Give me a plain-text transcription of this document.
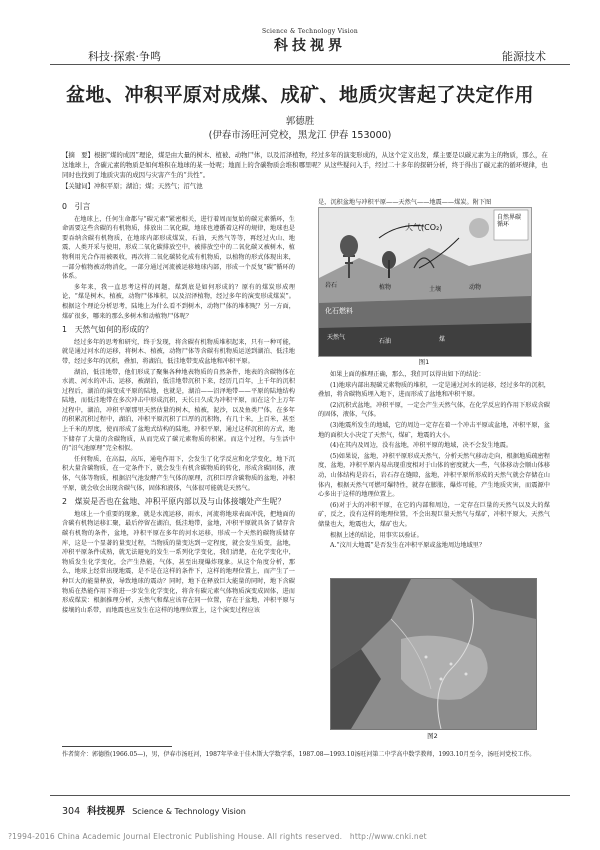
Science & Technology Vision
科技视界
科技·探索·争鸣	能源技术
盆地、冲积平原对成煤、成矿、地质灾害起了决定作用
郭德胜
(伊春市汤旺河党校，黑龙江 伊春 153000)
【摘　要】根据“煤的成因”理论，煤是由大量的树木、植被、动物尸体，以及沼泽植物，经过多年的演变形成的，从这个定义出发，煤主要是以碳元素为主的物质，那么，在这地球上，含碳元素的物质是如何堆积在地球的某一处呢；地面上的含碳物质会堆积哪里呢？从这些疑问入手，经过二十多年的探研分析，终于得出了碳元素的循环规律，也同时也找到了地质灾害的成因与灾害产生的“共性”。
【关键词】冲积平原；湖泊；煤；天然气；沼气池
0　引言

在地球上，任何生命都与“碳元素”紧密相关，进行着周而复始的碳元素循环，生命需要这些含碳的有机物质，排放出二氧化碳，地球也遵循着这样的规律，地球也是要吞纳含碳有机物质，在地球内部形成煤炭，石油，天然气等等，再经过火山、地震、人类开采与使用，形成二氧化碳排放空中，被排放空中的二氧化碳又被树木，植物利用光合作用被吸收，再次将二氧化碳转化成有机物质，以植物的形式体现出来，一部分植物被动物消化，一部分通过河流被运移地球内部，形成一个反复“碳”循环的体系。

多年来，我一直思考这样的问题，煤到底是如何形成的？原有的煤炭形成理论，“煤是树木，植被，动物尸体堆积，以及沼泽植物，经过多年的演变形成煤炭”。根据这个理论分析思考，陆地上为什么看不到树木，动物尸体的堆积呢？另一方面，煤矿很多，哪来的那么多树木和动植物尸体呢？

1　天然气如何的形成的？

经过多年的思考和研究，终于发现，将含碳有机物质堆积起来，只有一种可能，就是通过河水的运移，将树木、植被，动物尸体等含碳有机物质运送到湖泊、低洼地带，经过多年的沉积，叠加，将湖泊，低洼地带变成盆地和冲积平原。

湖泊，低洼地带，他们形成了聚集各种地表物质的自然条件，地表的含碳物体在水流、河水的冲击、运移，被湖泊，低洼地带沉积下来，经历几百年，上千年的沉积过程后，湖泊的演变成平原的陆地，也就是，湖泊——沼泽地带——平原的陆地结构陆地，而低洼地带在多次冲击中形成沉积，天长日久成为冲积平原，而在这个上万年过程中，湖泊，冲积平原那里天然估量的树木，植被，泥沙，以及鱼类尸体，在多年的积累沉积过程中，湖泊，冲积平原沉积了巨厚的沉积物，有几十米，上百米，甚至上千米的厚度，使而形成了盆地式结构的陆地，冲积平原，通过这样沉积的方式，地下储存了大量的含碳物质，从而完成了碳元素物质的积累。而这个过程，与生活中的“沼气池原理”完全相似。

任何物质，在高温，高压，通电作用下，会发生了化学反应和化学变化，地下沉积大量含碳物质，在一定条件下，就会发生有机含碳物质的转化，形成含碳固体，液体，气体等物质，根据沼气池发酵产生气体的原理，沉积巨厚含碳物质的盆地，冲积平原，就会收会出现含碳气体，固体和液体，气体很可能就是天然气。

2　煤炭是否也在盆地、冲积平原内部以及与山体接壤处产生呢？

地球上一个重要的现象，就是水流运移，雨水，河流将地球表面冲洗，把地面的含碳有机物运移汇聚，最后停留在湖泊，低洼地带，盆地，冲积平原就具备了储存含碳有机物的条件，盆地，冲积平原在多年的河水运移，形成一个天然的碳物质储存库，这是一个显著的量变过程，当物质的量变达到一定程度，就会发生质变，盆地，冲积平原条件成熟，就无法避免的发生一系列化学变化，我们清楚，在化学变化中，物质发生化学变化，会产生热能，气体，甚至出现爆炸现象。从这个角度分析，那么，地球上经常出现地震，是不是在这样的条件下，这样的地理位置上，而产生了一种巨大的能量释放，导致地球的震动？同时，地下在释放巨大能量的同时，地下含碳物质在热能作用下将进一步发生化学变化，将含有碳元素气体物质演变成固体，进而形成煤炭：根据推理分析，天然气和煤应该存在同一位置，存在于盆地，冲积平原与接壤的山系带，而地震也应发生在这样的地理位置上，这个演变过程应该

是，沉积盆地与冲积平原——天然气——地震——煤炭。附下图
大气(CO₂)
自然界碳循环
岩石	植物	土壤
化石燃料
天然气
石油	煤
动物
图1

如果上面的推理正确，那么，我们可以得出如下的结论：

(1)地球内部出现碳元素物质的堆积，一定是通过河水的运移，经过多年的沉积，叠加，将含碳物质埋入地下，进而形成了盆地和冲积平原。

(2)沉积式盆地，冲积平原，一定会产生天然气体，在化学反应的作用下形成含碳的固体，液体，气体。

(3)地震所发生的地域，它的周边一定存在着一个冲击平原或盆地，冲积平原，盆地的面积大小决定了天然气，煤矿，地震的大小。

(4)在其内及周边，没有盆地，冲积平原的地域，决不会发生地震。

(5)如果说，盆地，冲积平原形成天然气，分析天然气移动走向，根据地质疏密程度，盆地，冲积平原内易出现重度相对于山体的密度就大一些，气体移动会顺山体移动，山体结构是岩石，岩石存在缝隙，盆地，冲积平原所形成的天然气就会存储在山体内，根据天然气可燃可爆特性，就存在膨胀，爆炸可能，产生地质灾害，而震源中心多出于这样的地理位置上。

(6)对于大的冲积平原，在它的内部和周边，一定存在巨量的天然气以及大的煤矿，反之，没有这样的地理位置，不会出现巨量天然气与煤矿，冲积平原大，天然气储量也大，地震也大，煤矿也大。

根据上述的结论，用事实以验证。

A.“汶川大地震”是否发生在冲积平原或盆地周边地域里？

图2
作者简介：郭德胜(1966.05—)，男，伊春市汤旺河，1987年毕业于佳木斯大学数学系，1987.08—1993.10汤旺河第二中学高中数学教师，1993.10月至今，汤旺河党校工作。
304 科技视界 Science & Technology Vision
?1994-2016 China Academic Journal Electronic Publishing House. All rights reserved.　http://www.cnki.net
